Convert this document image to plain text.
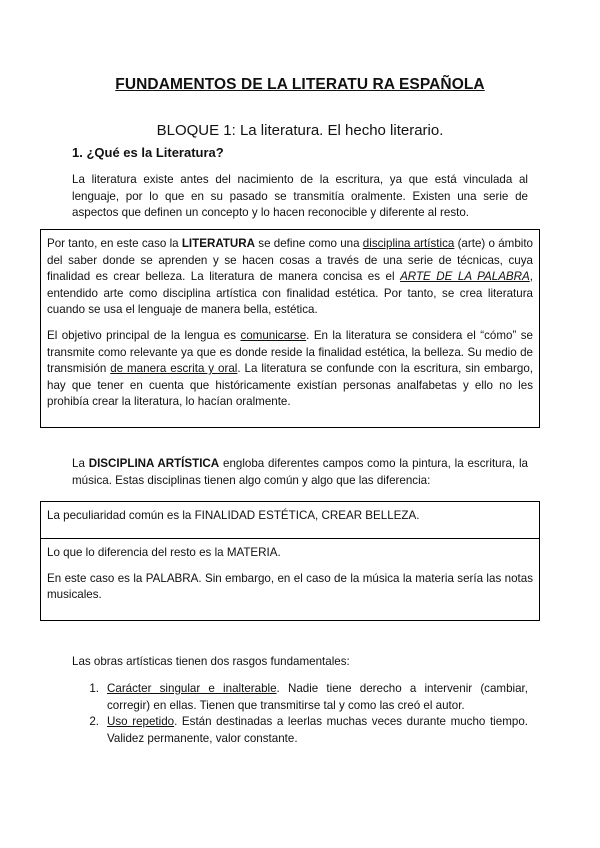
FUNDAMENTOS DE LA LITERATU RA ESPAÑOLA
BLOQUE 1: La literatura. El hecho literario.
1. ¿Qué es la Literatura?

La literatura existe antes del nacimiento de la escritura, ya que está vinculada al lenguaje, por lo que en su pasado se transmitía oralmente. Existen una serie de aspectos que definen un concepto y lo hacen reconocible y diferente al resto.

Por tanto, en este caso la LITERATURA se define como una disciplina artística (arte) o ámbito del saber donde se aprenden y se hacen cosas a través de una serie de técnicas, cuya finalidad es crear belleza. La literatura de manera concisa es el ARTE DE LA PALABRA, entendido arte como disciplina artística con finalidad estética. Por tanto, se crea literatura cuando se usa el lenguaje de manera bella, estética.

El objetivo principal de la lengua es comunicarse. En la literatura se considera el “cómo” se transmite como relevante ya que es donde reside la finalidad estética, la belleza. Su medio de transmisión de manera escrita y oral. La literatura se confunde con la escritura, sin embargo, hay que tener en cuenta que históricamente existían personas analfabetas y ello no les prohibía crear la literatura, lo hacían oralmente.

La DISCIPLINA ARTÍSTICA engloba diferentes campos como la pintura, la escritura, la música. Estas disciplinas tienen algo común y algo que las diferencia:

La peculiaridad común es la FINALIDAD ESTÉTICA, CREAR BELLEZA.

Lo que lo diferencia del resto es la MATERIA.

En este caso es la PALABRA. Sin embargo, en el caso de la música la materia sería las notas musicales.

Las obras artísticas tienen dos rasgos fundamentales:

1. Carácter singular e inalterable. Nadie tiene derecho a intervenir (cambiar, corregir) en ellas. Tienen que transmitirse tal y como las creó el autor.

2. Uso repetido. Están destinadas a leerlas muchas veces durante mucho tiempo. Validez permanente, valor constante.
